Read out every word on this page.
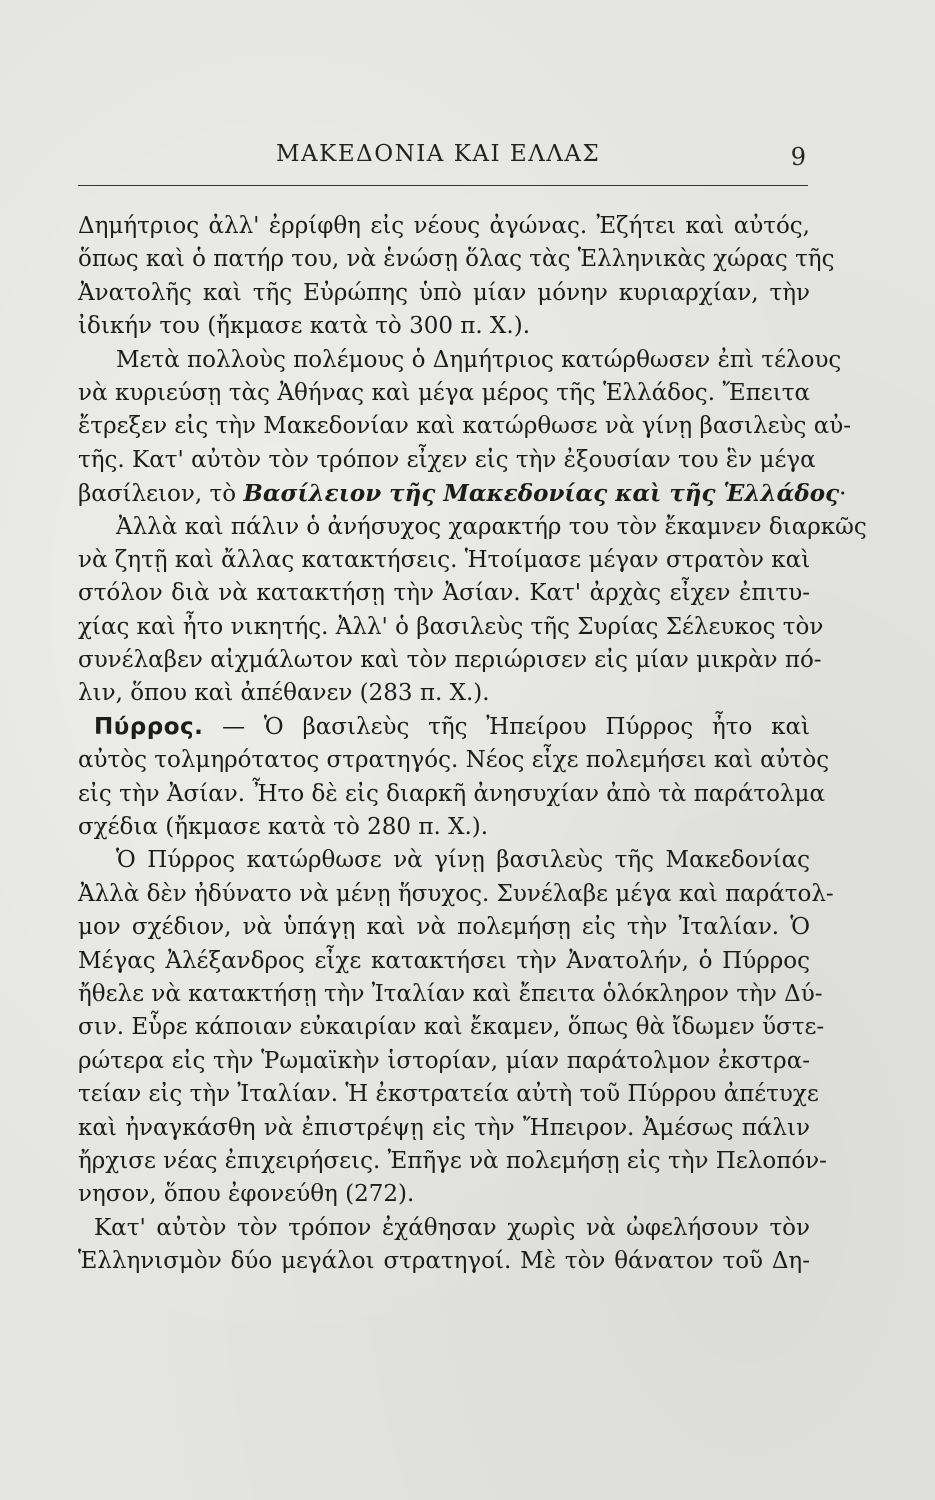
ΜΑΚΕΔΟΝΙΑ ΚΑΙ ΕΛΛΑΣ	9
Δημήτριος ἀλλ' ἐρρίφθη εἰς νέους ἀγώνας. Ἐζήτει καὶ αὐτός,
ὅπως καὶ ὁ πατήρ του, νὰ ἑνώσῃ ὅλας τὰς Ἑλληνικὰς χώρας τῆς
Ἀνατολῆς καὶ τῆς Εὐρώπης ὑπὸ μίαν μόνην κυριαρχίαν, τὴν
ἰδικήν του (ἤκμασε κατὰ τὸ 300 π. Χ.).
Μετὰ πολλοὺς πολέμους ὁ Δημήτριος κατώρθωσεν ἐπὶ τέλους
νὰ κυριεύσῃ τὰς Ἀθήνας καὶ μέγα μέρος τῆς Ἑλλάδος. Ἔπειτα
ἔτρεξεν εἰς τὴν Μακεδονίαν καὶ κατώρθωσε νὰ γίνῃ βασιλεὺς αὐ-
τῆς. Κατ' αὐτὸν τὸν τρόπον εἶχεν εἰς τὴν ἐξουσίαν του ἓν μέγα
βασίλειον, τὸ Βασίλειον τῆς Μακεδονίας καὶ τῆς Ἑλλάδος·
Ἀλλὰ καὶ πάλιν ὁ ἀνήσυχος χαρακτήρ του τὸν ἔκαμνεν διαρκῶς
νὰ ζητῇ καὶ ἄλλας κατακτήσεις. Ἡτοίμασε μέγαν στρατὸν καὶ
στόλον διὰ νὰ κατακτήσῃ τὴν Ἀσίαν. Κατ' ἀρχὰς εἶχεν ἐπιτυ-
χίας καὶ ἦτο νικητής. Ἀλλ' ὁ βασιλεὺς τῆς Συρίας Σέλευκος τὸν
συνέλαβεν αἰχμάλωτον καὶ τὸν περιώρισεν εἰς μίαν μικρὰν πό-
λιν, ὅπου καὶ ἀπέθανεν (283 π. Χ.).
Πύρρος. — Ὁ βασιλεὺς τῆς Ἠπείρου Πύρρος ἦτο καὶ
αὐτὸς τολμηρότατος στρατηγός. Νέος εἶχε πολεμήσει καὶ αὐτὸς
εἰς τὴν Ἀσίαν. Ἦτο δὲ εἰς διαρκῆ ἀνησυχίαν ἀπὸ τὰ παράτολμα
σχέδια (ἤκμασε κατὰ τὸ 280 π. Χ.).
Ὁ Πύρρος κατώρθωσε νὰ γίνῃ βασιλεὺς τῆς Μακεδονίας
Ἀλλὰ δὲν ἠδύνατο νὰ μένῃ ἥσυχος. Συνέλαβε μέγα καὶ παράτολ-
μον σχέδιον, νὰ ὑπάγῃ καὶ νὰ πολεμήσῃ εἰς τὴν Ἰταλίαν. Ὁ
Μέγας Ἀλέξανδρος εἶχε κατακτήσει τὴν Ἀνατολήν, ὁ Πύρρος
ἤθελε νὰ κατακτήσῃ τὴν Ἰταλίαν καὶ ἔπειτα ὁλόκληρον τὴν Δύ-
σιν. Εὗρε κάποιαν εὐκαιρίαν καὶ ἔκαμεν, ὅπως θὰ ἴδωμεν ὕστε-
ρώτερα εἰς τὴν Ῥωμαϊκὴν ἱστορίαν, μίαν παράτολμον ἐκστρα-
τείαν εἰς τὴν Ἰταλίαν. Ἡ ἐκστρατεία αὐτὴ τοῦ Πύρρου ἀπέτυχε
καὶ ἠναγκάσθη νὰ ἐπιστρέψῃ εἰς τὴν Ἤπειρον. Ἀμέσως πάλιν
ἤρχισε νέας ἐπιχειρήσεις. Ἐπῆγε νὰ πολεμήσῃ εἰς τὴν Πελοπόν-
νησον, ὅπου ἐφονεύθη (272).
Κατ' αὐτὸν τὸν τρόπον ἐχάθησαν χωρὶς νὰ ὠφελήσουν τὸν
Ἑλληνισμὸν δύο μεγάλοι στρατηγοί. Μὲ τὸν θάνατον τοῦ Δη-
